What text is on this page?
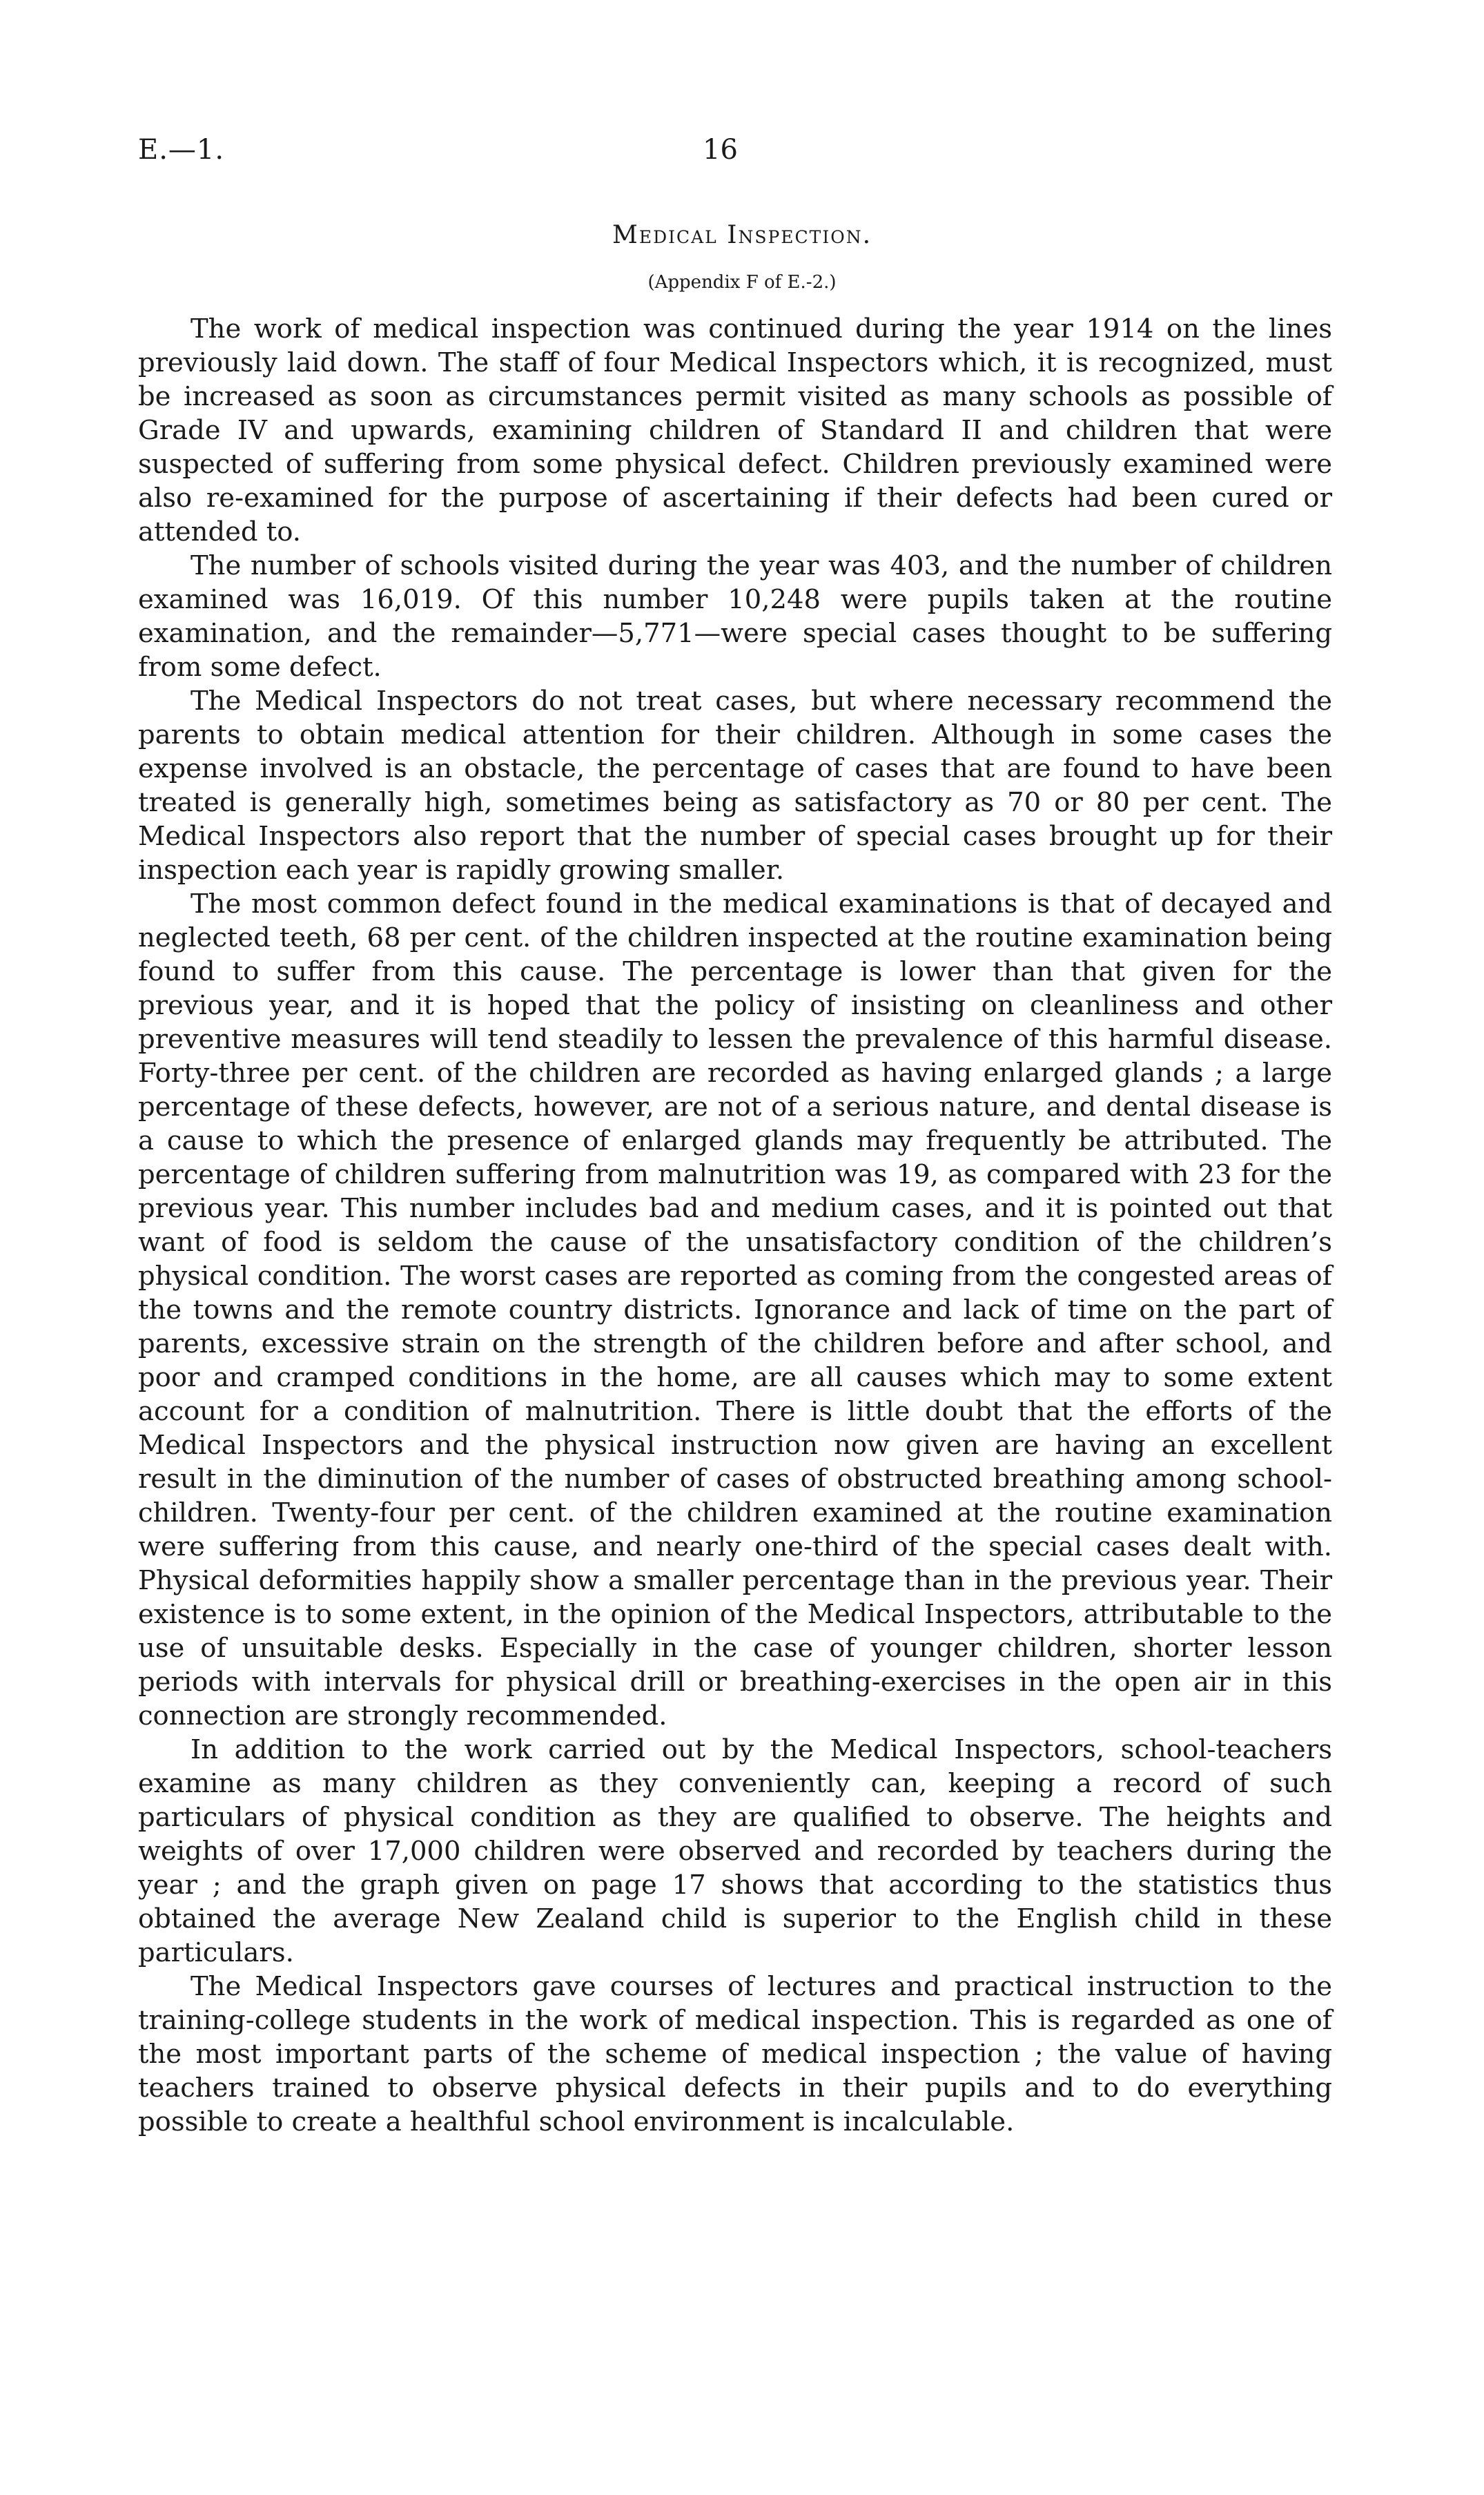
E.—1.	16
Medical Inspection.
(Appendix F of E.-2.)

The work of medical inspection was continued during the year 1914 on the lines previously laid down. The staff of four Medical Inspectors which, it is recognized, must be increased as soon as circumstances permit visited as many schools as possible of Grade IV and upwards, examining children of Standard II and children that were suspected of suffering from some physical defect. Children previously examined were also re-examined for the purpose of ascertaining if their defects had been cured or attended to.

The number of schools visited during the year was 403, and the number of children examined was 16,019. Of this number 10,248 were pupils taken at the routine examination, and the remainder—5,771—were special cases thought to be suffering from some defect.

The Medical Inspectors do not treat cases, but where necessary recommend the parents to obtain medical attention for their children. Although in some cases the expense involved is an obstacle, the percentage of cases that are found to have been treated is generally high, sometimes being as satisfactory as 70 or 80 per cent. The Medical Inspectors also report that the number of special cases brought up for their inspection each year is rapidly growing smaller.

The most common defect found in the medical examinations is that of decayed and neglected teeth, 68 per cent. of the children inspected at the routine examination being found to suffer from this cause. The percentage is lower than that given for the previous year, and it is hoped that the policy of insisting on cleanliness and other preventive measures will tend steadily to lessen the prevalence of this harmful disease. Forty-three per cent. of the children are recorded as having enlarged glands ; a large percentage of these defects, however, are not of a serious nature, and dental disease is a cause to which the presence of enlarged glands may frequently be attributed. The percentage of children suffering from malnutrition was 19, as compared with 23 for the previous year. This number includes bad and medium cases, and it is pointed out that want of food is seldom the cause of the unsatisfactory condition of the children’s physical condition. The worst cases are reported as coming from the congested areas of the towns and the remote country districts. Ignorance and lack of time on the part of parents, excessive strain on the strength of the children before and after school, and poor and cramped conditions in the home, are all causes which may to some extent account for a condition of malnutrition. There is little doubt that the efforts of the Medical Inspectors and the physical instruction now given are having an excellent result in the diminution of the number of cases of obstructed breathing among school-children. Twenty-four per cent. of the children examined at the routine examination were suffering from this cause, and nearly one-third of the special cases dealt with. Physical deformities happily show a smaller percentage than in the previous year. Their existence is to some extent, in the opinion of the Medical Inspectors, attributable to the use of unsuitable desks. Especially in the case of younger children, shorter lesson periods with intervals for physical drill or breathing-exercises in the open air in this connection are strongly recommended.

In addition to the work carried out by the Medical Inspectors, school-teachers examine as many children as they conveniently can, keeping a record of such particulars of physical condition as they are qualified to observe. The heights and weights of over 17,000 children were observed and recorded by teachers during the year ; and the graph given on page 17 shows that according to the statistics thus obtained the average New Zealand child is superior to the English child in these particulars.

The Medical Inspectors gave courses of lectures and practical instruction to the training-college students in the work of medical inspection. This is regarded as one of the most important parts of the scheme of medical inspection ; the value of having teachers trained to observe physical defects in their pupils and to do everything possible to create a healthful school environment is incalculable.
